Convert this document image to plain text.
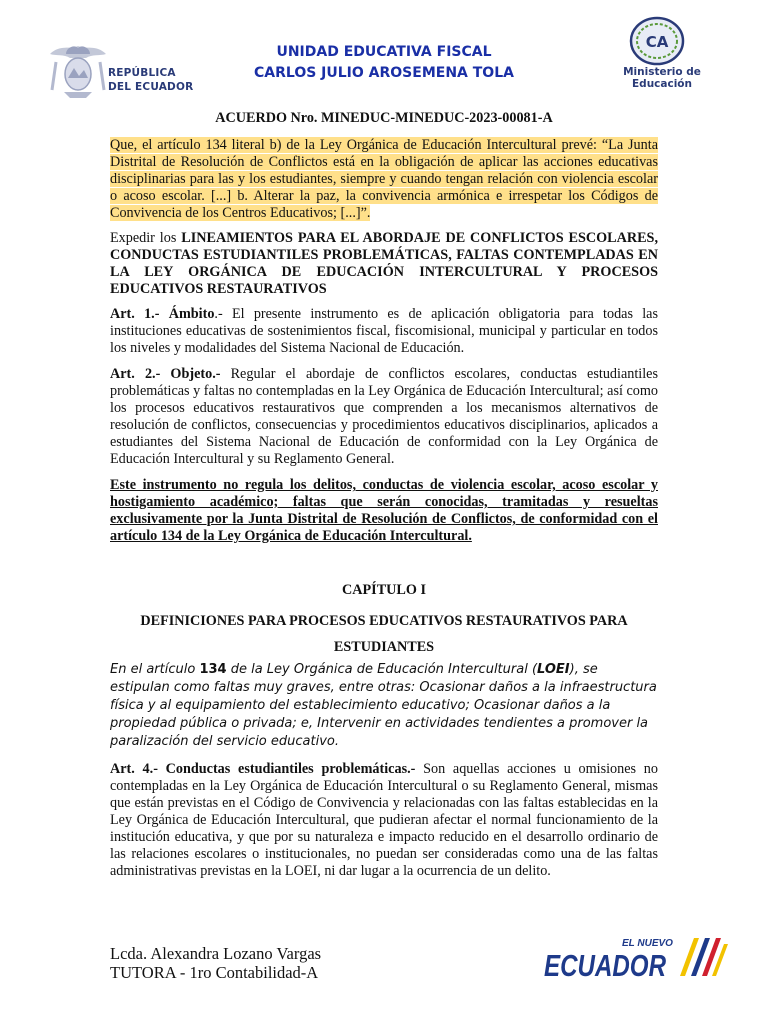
REPÚBLICA
DEL ECUADOR
UNIDAD EDUCATIVA FISCAL
CARLOS JULIO AROSEMENA TOLA
CA
Ministerio de Educación
ACUERDO Nro. MINEDUC-MINEDUC-2023-00081-A
Que, el artículo 134 literal b) de la Ley Orgánica de Educación Intercultural prevé: “La Junta Distrital de Resolución de Conflictos está en la obligación de aplicar las acciones educativas disciplinarias para las y los estudiantes, siempre y cuando tengan relación con violencia escolar o acoso escolar. [...] b. Alterar la paz, la convivencia armónica e irrespetar los Códigos de Convivencia de los Centros Educativos; [...]”.
Expedir los LINEAMIENTOS PARA EL ABORDAJE DE CONFLICTOS ESCOLARES, CONDUCTAS ESTUDIANTILES PROBLEMÁTICAS, FALTAS CONTEMPLADAS EN LA LEY ORGÁNICA DE EDUCACIÓN INTERCULTURAL Y PROCESOS EDUCATIVOS RESTAURATIVOS
Art. 1.- Ámbito.- El presente instrumento es de aplicación obligatoria para todas las instituciones educativas de sostenimientos fiscal, fiscomisional, municipal y particular en todos los niveles y modalidades del Sistema Nacional de Educación.
Art. 2.- Objeto.- Regular el abordaje de conflictos escolares, conductas estudiantiles problemáticas y faltas no contempladas en la Ley Orgánica de Educación Intercultural; así como los procesos educativos restaurativos que comprenden a los mecanismos alternativos de resolución de conflictos, consecuencias y procedimientos educativos disciplinarios, aplicados a estudiantes del Sistema Nacional de Educación de conformidad con la Ley Orgánica de Educación Intercultural y su Reglamento General.
Este instrumento no regula los delitos, conductas de violencia escolar, acoso escolar y hostigamiento académico; faltas que serán conocidas, tramitadas y resueltas exclusivamente por la Junta Distrital de Resolución de Conflictos, de conformidad con el artículo 134 de la Ley Orgánica de Educación Intercultural.
CAPÍTULO I
DEFINICIONES PARA PROCESOS EDUCATIVOS RESTAURATIVOS PARA ESTUDIANTES
En el artículo 134 de la Ley Orgánica de Educación Intercultural (LOEI), se estipulan como faltas muy graves, entre otras: Ocasionar daños a la infraestructura física y al equipamiento del establecimiento educativo; Ocasionar daños a la propiedad pública o privada; e, Intervenir en actividades tendientes a promover la paralización del servicio educativo.
Art. 4.- Conductas estudiantiles problemáticas.- Son aquellas acciones u omisiones no contempladas en la Ley Orgánica de Educación Intercultural o su Reglamento General, mismas que están previstas en el Código de Convivencia y relacionadas con las faltas establecidas en la Ley Orgánica de Educación Intercultural, que pudieran afectar el normal funcionamiento de la institución educativa, y que por su naturaleza e impacto reducido en el desarrollo ordinario de las relaciones escolares o institucionales, no puedan ser consideradas como una de las faltas administrativas previstas en la LOEI, ni dar lugar a la ocurrencia de un delito.
Lcda. Alexandra Lozano Vargas
TUTORA - 1ro Contabilidad-A
EL NUEVO
ECUADOR
